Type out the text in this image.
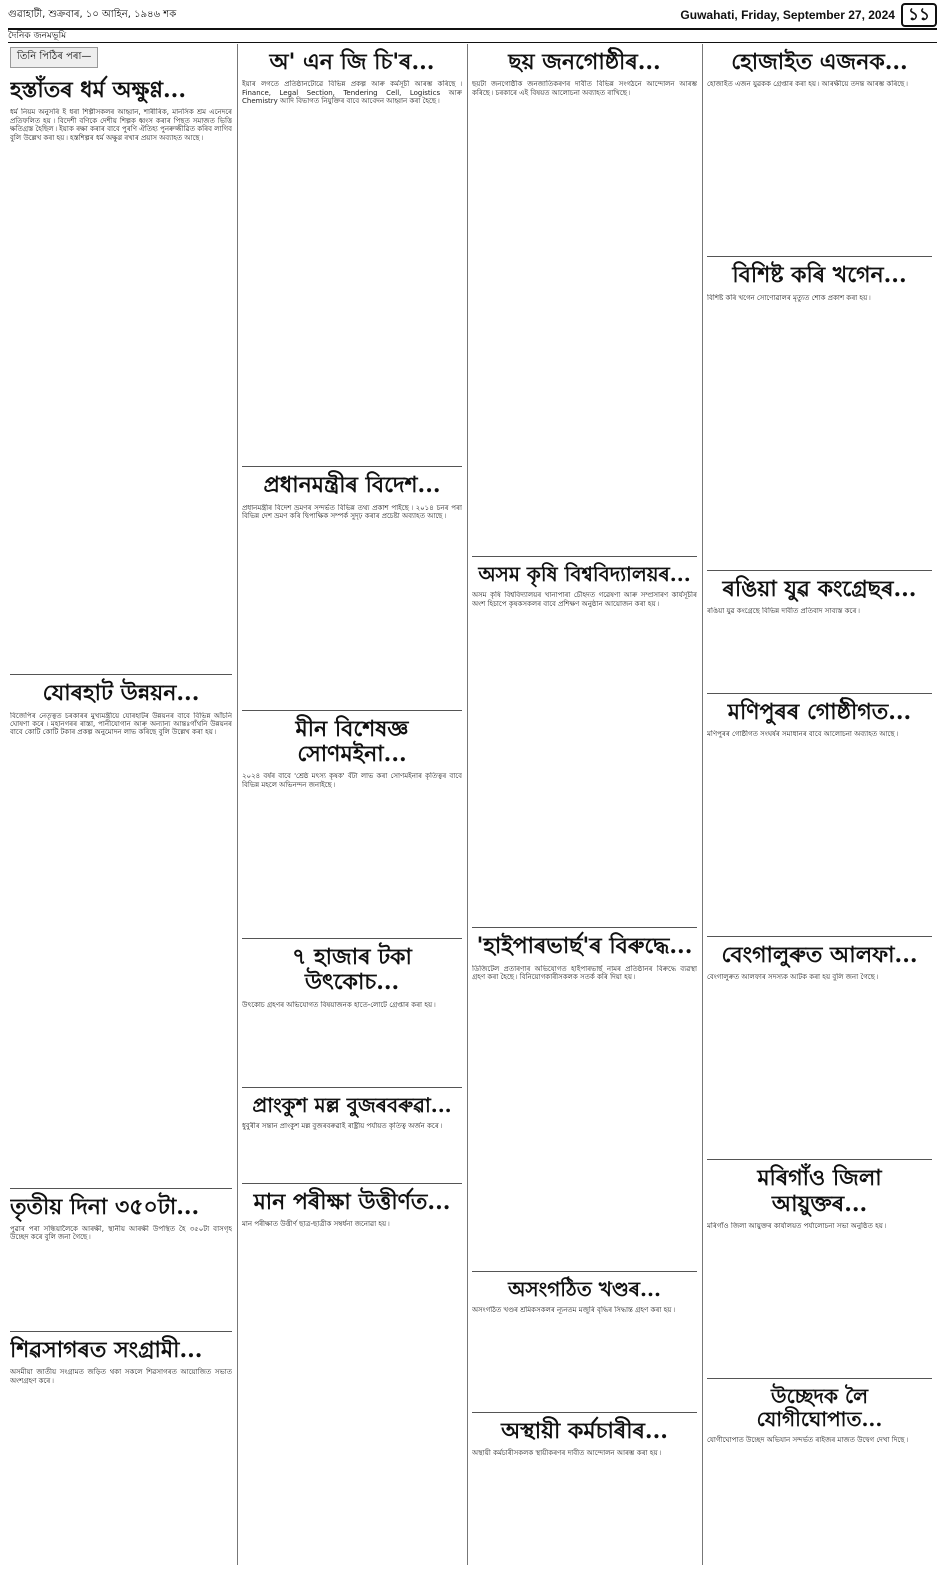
গুৱাহাটী, শুক্ৰবাৰ, ১০ আহিন, ১৯৪৬ শক	Guwahati, Friday, September 27, 2024 ১১
দৈনিক জনমভূমি
তিনি পিঠিৰ পৰা—
হস্তাঁতৰ ধৰ্ম অক্ষুণ্ণ...
ধৰ্ম নিয়ম অনুসৰি ই ধৰা শিল্পীসকলৰ আহ্বান, শাৰীৰিক, মানসিক শ্ৰম এনেদৰে প্ৰতিফলিত হয় ৷ বিদেশী বণিকে দেশীয় শিল্পক ধ্বংস কৰাৰ পিছত সমাজত ভিত্তি ক্ষতিগ্ৰস্ত হৈছিল ৷ ইয়াক ৰক্ষা কৰাৰ বাবে পুৰণি ঐতিহ্য পুনৰুজ্জীৱিত কৰিব লাগিব বুলি উল্লেখ কৰা হয় ৷ হস্তশিল্পৰ ধৰ্ম অক্ষুণ্ণ ৰখাৰ প্ৰয়াস অব্যাহত আছে ৷
যোৰহাট উন্নয়ন...
বিজেপিৰ নেতৃত্বত চৰকাৰৰ মুখ্যমন্ত্ৰীয়ে যোৰহাটৰ উন্নয়নৰ বাবে বিভিন্ন আঁচনি ঘোষণা কৰে ৷ মহানগৰৰ ৰাস্তা, পানীযোগান আৰু অন্যান্য আন্তঃগাঁথনি উন্নয়নৰ বাবে কোটি কোটি টকাৰ প্ৰকল্প অনুমোদন লাভ কৰিছে বুলি উল্লেখ কৰা হয় ৷
তৃতীয় দিনা ৩৫০টা...
পুৱাৰ পৰা সন্ধিয়ালৈকে আৰক্ষী, স্থানীয় আৰক্ষী উপস্থিত হৈ ৩৫০টা বাসগৃহ উচ্ছেদ কৰে বুলি জনা গৈছে ৷
শিৱসাগৰত সংগ্ৰামী...
অসমীয়া জাতীয় সংগ্ৰামত জড়িত থকা সকলে শিৱসাগৰত আয়োজিত সভাত অংশগ্ৰহণ কৰে ৷
অ' এন জি চি'ৰ...
ইয়াৰ লগতে প্ৰতিষ্ঠানটোৱে বিভিন্ন প্ৰকল্প আৰু কৰ্মসূচী আৰম্ভ কৰিছে ৷ Finance, Legal Section, Tendering Cell, Logistics আৰু Chemistry আদি বিভাগত নিযুক্তিৰ বাবে আবেদন আহ্বান কৰা হৈছে ৷
প্ৰধানমন্ত্ৰীৰ বিদেশ...
প্ৰধানমন্ত্ৰীৰ বিদেশ ভ্ৰমণৰ সন্দৰ্ভত বিভিন্ন তথ্য প্ৰকাশ পাইছে ৷ ২০১৪ চনৰ পৰা বিভিন্ন দেশ ভ্ৰমণ কৰি দ্বিপাক্ষিক সম্পৰ্ক সুদৃঢ় কৰাৰ প্ৰচেষ্টা অব্যাহত আছে ৷
মীন বিশেষজ্ঞ সোণমইনা...
২০২৪ বৰ্ষৰ বাবে 'শ্ৰেষ্ঠ মৎস্য কৃষক' বঁটা লাভ কৰা সোণমইনাৰ কৃতিত্বৰ বাবে বিভিন্ন মহলে অভিনন্দন জনাইছে ৷
৭ হাজাৰ টকা উৎকোচ...
উৎকোচ গ্ৰহণৰ অভিযোগত বিষয়াজনক হাতে-লোটে গ্ৰেপ্তাৰ কৰা হয় ৷
প্ৰাংকুশ মল্ল বুজৰবৰুৱা...
ধুবুৰীৰ সন্তান প্ৰাংকুশ মল্ল বুজৰবৰুৱাই ৰাষ্ট্ৰীয় পৰ্যায়ত কৃতিত্ব অৰ্জন কৰে ৷
মান পৰীক্ষা উত্তীৰ্ণত...
মান পৰীক্ষাত উত্তীৰ্ণ ছাত্ৰ-ছাত্ৰীক সম্বৰ্ধনা জনোৱা হয় ৷
ছয় জনগোষ্ঠীৰ...
ছয়টা জনগোষ্ঠীক জনজাতিকৰণৰ দাবীত বিভিন্ন সংগঠনে আন্দোলন আৰম্ভ কৰিছে ৷ চৰকাৰে এই বিষয়ত আলোচনা অব্যাহত ৰাখিছে ৷
অসম কৃষি বিশ্ববিদ্যালয়ৰ...
অসম কৃষি বিশ্ববিদ্যালয়ৰ খানাপাৰা চৌহদত গৱেষণা আৰু সম্প্ৰসাৰণ কাৰ্যসূচীৰ অংশ হিচাপে কৃষকসকলৰ বাবে প্ৰশিক্ষণ অনুষ্ঠান আয়োজন কৰা হয় ৷
'হাইপাৰভাৰ্ছ'ৰ বিৰুদ্ধে...
ডিজিটেল প্ৰতাৰণাৰ অভিযোগত হাইপাৰভাৰ্ছ নামৰ প্ৰতিষ্ঠানৰ বিৰুদ্ধে ব্যৱস্থা গ্ৰহণ কৰা হৈছে ৷ বিনিয়োগকাৰীসকলক সতৰ্ক কৰি দিয়া হয় ৷
অসংগঠিত খণ্ডৰ...
অসংগঠিত খণ্ডৰ শ্ৰমিকসকলৰ ন্যূনতম মজুৰি বৃদ্ধিৰ সিদ্ধান্ত গ্ৰহণ কৰা হয় ৷
অস্থায়ী কৰ্মচাৰীৰ...
অস্থায়ী কৰ্মচাৰীসকলক স্থায়ীকৰণৰ দাবীত আন্দোলন আৰম্ভ কৰা হয় ৷
হোজাইত এজনক...
হোজাইত এজন যুৱকক গ্ৰেপ্তাৰ কৰা হয় ৷ আৰক্ষীয়ে তদন্ত আৰম্ভ কৰিছে ৷
বিশিষ্ট কৰি খগেন...
বিশিষ্ট কৰি খগেন সোণোৱালৰ মৃত্যুত শোক প্ৰকাশ কৰা হয় ৷
ৰঙিয়া যুৱ কংগ্ৰেছৰ...
ৰঙিয়া যুৱ কংগ্ৰেছে বিভিন্ন দাবীত প্ৰতিবাদ সাব্যস্ত কৰে ৷
মণিপুৰৰ গোষ্ঠীগত...
মণিপুৰৰ গোষ্ঠীগত সংঘৰ্ষৰ সমাধানৰ বাবে আলোচনা অব্যাহত আছে ৷
বেংগালুৰুত আলফা...
বেংগালুৰুত আলফাৰ সদস্যক আটক কৰা হয় বুলি জনা গৈছে ৷
মৰিগাঁও জিলা আয়ুক্তৰ...
মৰিগাঁও জিলা আয়ুক্তৰ কাৰ্যালয়ত পৰ্যালোচনা সভা অনুষ্ঠিত হয় ৷
উচ্ছেদক লৈ যোগীঘোপাত...
যোগীঘোপাত উচ্ছেদ অভিযান সন্দৰ্ভত ৰাইজৰ মাজত উদ্বেগ দেখা দিছে ৷
